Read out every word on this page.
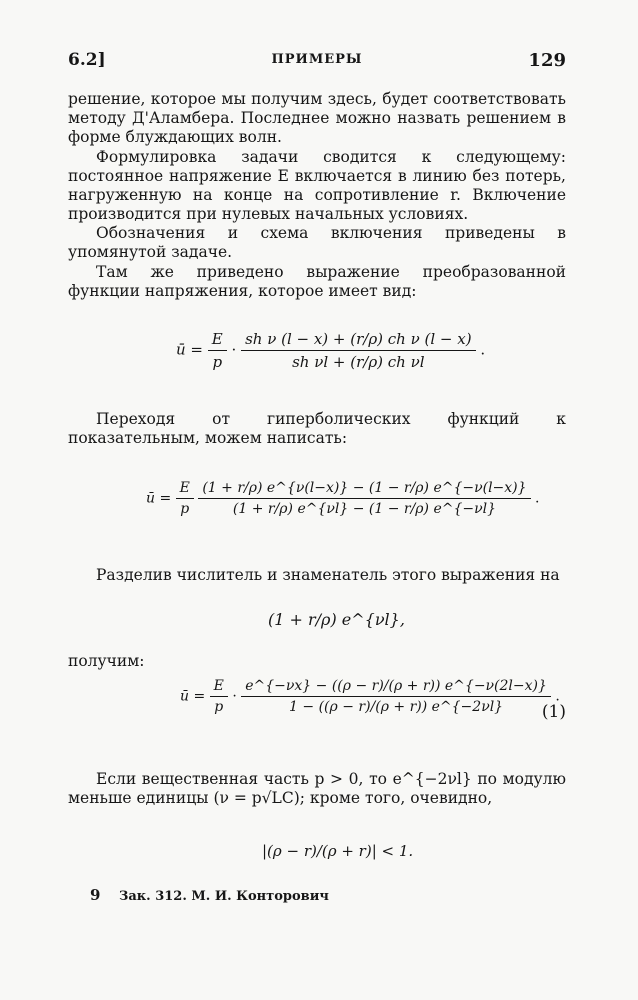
6.2]	ПРИМЕРЫ	129
решение, которое мы получим здесь, будет соответствовать методу Д'Аламбера. Последнее можно назвать решением в форме блуждающих волн.
Формулировка задачи сводится к следующему: постоянное напряжение E включается в линию без потерь, нагруженную на конце на сопротивление r. Включение производится при нулевых начальных условиях.
Обозначения и схема включения приведены в упомянутой задаче.
Там же приведено выражение преобразованной функции напряжения, которое имеет вид:
ū = $\frac{E}{p} \cdot \frac{\text{sh ν (l − x) + (r/ρ) ch ν (l − x)}}{\text{sh νl + (r/ρ) ch νl}}$ .
Переходя от гиперболических функций к показательным, можем написать:
ū = $\frac{E}{p}$
$\frac{(1 + r/\rho) e\^{}\{\nu(l-x)\} - (1 - r/\rho) e\^{}\{-\nu(l-x)\}}{(1 + r/\rho) e\^{}\{\nu l\} - (1 - r/\rho) e\^{}\{-\nu l\}}$ .
Разделив числитель и знаменатель этого выражения на
(1 + r/ρ) e^{νl},
получим:
ū = $\frac{E}{p} \cdot \frac{e\^{}\{-\nu x\} - ((\rho - r)/(\rho + r)) e\^{}\{-\nu(2l-x)\}}{1 - ((\rho - r)/(\rho + r)) e\^{}\{-2\nu l\}}$ .
(1)
Если вещественная часть p > 0, то e^{−2νl} по модулю меньше единицы (ν = p√LC); кроме того, очевидно,
|(ρ − r)/(ρ + r)| < 1.
9 Зак. 312. М. И. Конторович
